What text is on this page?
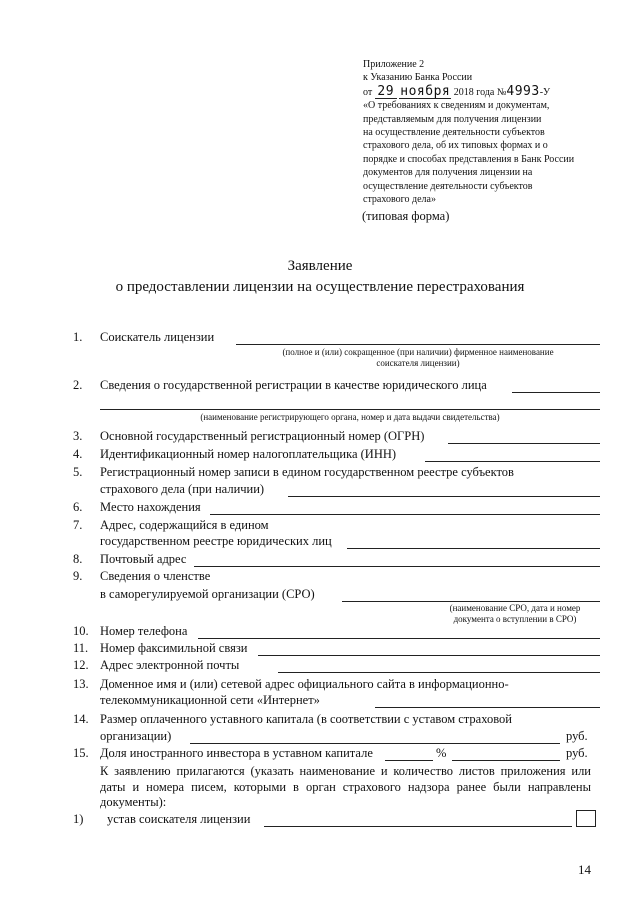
Приложение 2
к Указанию Банка России
от 29 ноября 2018 года №4993-У
«О требованиях к сведениям и документам,
представляемым для получения лицензии
на осуществление деятельности субъектов
страхового дела, об их типовых формах и о
порядке и способах представления в Банк России
документов для получения лицензии на
осуществление деятельности субъектов
страхового дела»
(типовая форма)
Заявление
о предоставлении лицензии на осуществление перестрахования
1. Соискатель лицензии
(полное и (или) сокращенное (при наличии) фирменное наименование
соискателя лицензии)
2. Сведения о государственной регистрации в качестве юридического лица
(наименование регистрирующего органа, номер и дата выдачи свидетельства)
3. Основной государственный регистрационный номер (ОГРН)
4. Идентификационный номер налогоплательщика (ИНН)
5. Регистрационный номер записи в едином государственном реестре субъектов
страхового дела (при наличии)
6. Место нахождения
7. Адрес, содержащийся в едином
государственном реестре юридических лиц
8. Почтовый адрес
9. Сведения о членстве
в саморегулируемой организации (СРО)
(наименование СРО, дата и номер
документа о вступлении в СРО)
10. Номер телефона
11. Номер факсимильной связи
12. Адрес электронной почты
13. Доменное имя и (или) сетевой адрес официального сайта в информационно-
телекоммуникационной сети «Интернет»
14. Размер оплаченного уставного капитала (в соответствии с уставом страховой
организации)	руб.
15. Доля иностранного инвестора в уставном капитале	%	руб.
К заявлению прилагаются (указать наименование и количество листов приложения или даты и номера писем, которыми в орган страхового надзора ранее были направлены документы):
1) устав соискателя лицензии
14
